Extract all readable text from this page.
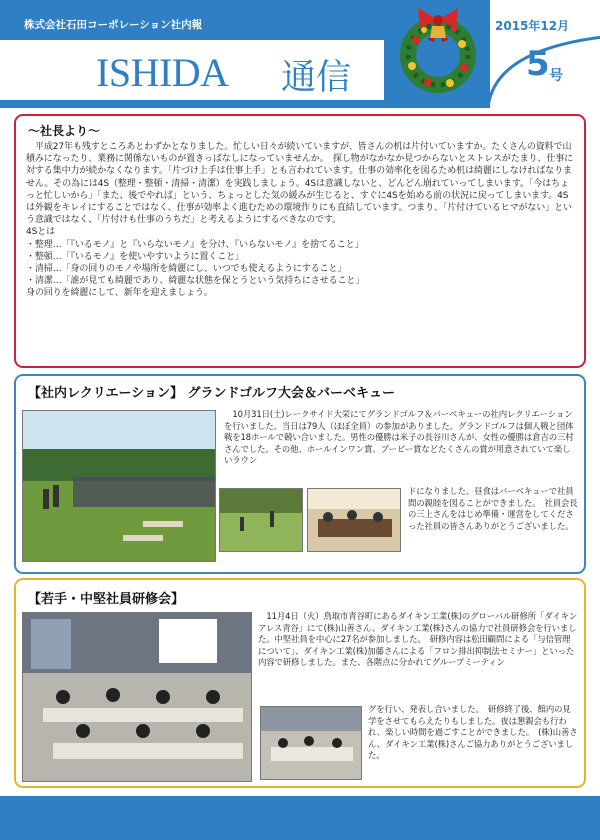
株式会社石田コーポレーション社内報
ISHIDA 通信
2015年12月
5 号
〜社長より〜

平成27年も残すところあとわずかとなりました。忙しい日々が続いていますが、皆さんの机は片付いていますか。たくさんの資料で山積みになったり、業務に関係ないものが置きっぱなしになっていませんか。　探し物がなかなか見つからないとストレスがたまり、仕事に対する集中力が続かなくなります。「片づけ上手は仕事上手」とも言われています。仕事の効率化を図るため机は綺麗にしなければなりません。その為には4S（整理・整頓・清掃・清潔）を実践しましょう。4Sは意識しないと、どんどん崩れていってしまいます。「今はちょっと忙しいから」「また、後でやれば」という、ちょっとした気の緩みが生じると、すぐに4Sを始める前の状況に戻ってしまいます。4Sは外観をキレイにすることではなく、仕事が効率よく進むための環境作りにも直結しています。つまり、「片付けているヒマがない」という意識ではなく、「片付けも仕事のうちだ」と考えるようにするべきなのです。

4Sとは

・整理…「『いるモノ』と『いらないモノ』を分け、『いらないモノ』を捨てること」

・整頓…「『いるモノ』を使いやすいように置くこと」

・清掃…「身の回りのモノや場所を綺麗にし、いつでも使えるようにすること」

・清潔…「誰が見ても綺麗であり、綺麗な状態を保とうという気持ちにさせること」

身の回りを綺麗にして、新年を迎えましょう。

【社内レクリエーション】 グランドゴルフ大会＆バーベキュー

10月31日(土)レークサイド大栄にてグランドゴルフ＆バーベキューの社内レクリエーションを行いました。当日は79人（ほぼ全員）の参加がありました。グランドゴルフは個人戦と団体戦を18ホールで競い合いました。男性の優勝は米子の長谷川さんが、女性の優勝は倉吉の三村さんでした。その他、ホールインワン賞、ブービー賞などたくさんの賞が用意されていて楽しいラウン

ドになりました。昼食はバーベキューで社員間の親睦を図ることができました。　社員会長の三上さんをはじめ準備・運営をしてくださった社員の皆さんありがとうございました。

【若手・中堅社員研修会】

11月4日（火）鳥取市青谷町にあるダイキン工業(株)のグローバル研修所「ダイキンアレス青谷」にて(株)山善さん、ダイキン工業(株)さんの協力で社員研修会を行いました。中堅社員を中心に27名が参加しました。　研修内容は松田顧問による「与信管理について」、ダイキン工業(株)加藤さんによる「フロン排出抑制法セミナー」といった内容で研修しました。また、各階点に分かれてグループミーティン

グを行い、発表し合いました。　研修終了後、館内の見学をさせてもらえたりもしました。夜は懇親会も行われ、楽しい時間を過ごすことができました。　(株)山善さん、ダイキン工業(株)さんご協力ありがとうございました。
